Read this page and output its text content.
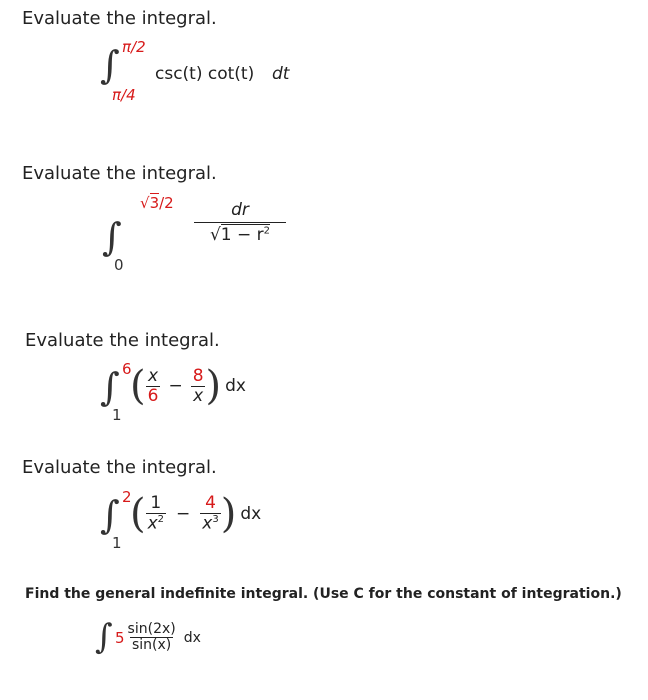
Evaluate the integral.
∫ π/2
π/4
csc(t) cot(t) dt
Evaluate the integral.
∫
√3/2
0
$\frac{dr}{√1 - r^2}$
Evaluate the integral.
∫ 6
1
( $\frac{x}{6} - \frac{8}{x}$ ) dx
Evaluate the integral.
∫ 2
1
( $\frac{1}{x^2} - \frac{4}{x^3}$ ) dx
Find the general indefinite integral. (Use C for the constant of integration.)
∫ $5 \frac{\sin(2x)}{\sin(x)}$ dx
